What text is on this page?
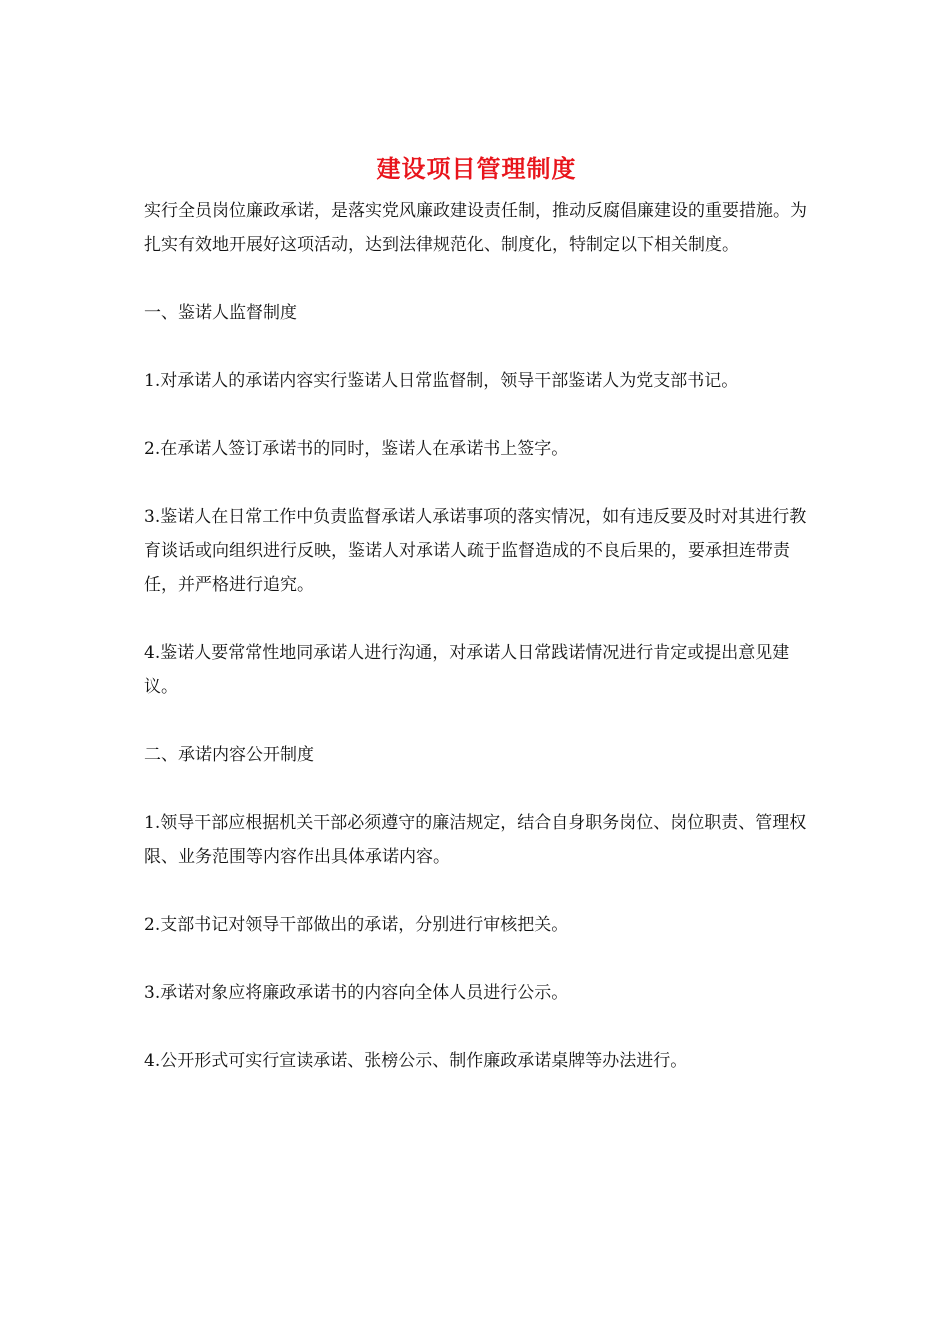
建设项目管理制度

实行全员岗位廉政承诺，是落实党风廉政建设责任制，推动反腐倡廉建设的重要措施。为扎实有效地开展好这项活动，达到法律规范化、制度化，特制定以下相关制度。

一、鉴诺人监督制度

1.对承诺人的承诺内容实行鉴诺人日常监督制，领导干部鉴诺人为党支部书记。

2.在承诺人签订承诺书的同时，鉴诺人在承诺书上签字。

3.鉴诺人在日常工作中负责监督承诺人承诺事项的落实情况，如有违反要及时对其进行教育谈话或向组织进行反映，鉴诺人对承诺人疏于监督造成的不良后果的，要承担连带责任，并严格进行追究。

4.鉴诺人要常常性地同承诺人进行沟通，对承诺人日常践诺情况进行肯定或提出意见建议。

二、承诺内容公开制度

1.领导干部应根据机关干部必须遵守的廉洁规定，结合自身职务岗位、岗位职责、管理权限、业务范围等内容作出具体承诺内容。

2.支部书记对领导干部做出的承诺，分别进行审核把关。

3.承诺对象应将廉政承诺书的内容向全体人员进行公示。

4.公开形式可实行宣读承诺、张榜公示、制作廉政承诺桌牌等办法进行。
